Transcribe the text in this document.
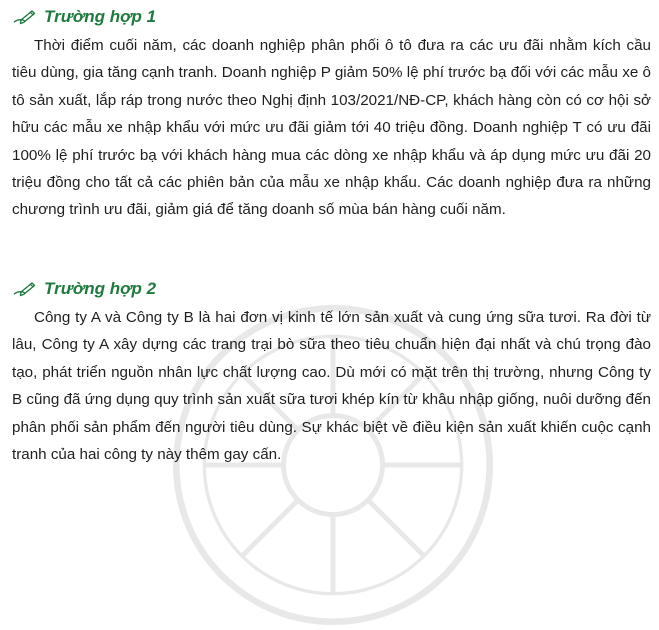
Trường hợp 1

Thời điểm cuối năm, các doanh nghiệp phân phối ô tô đưa ra các ưu đãi nhằm kích cầu tiêu dùng, gia tăng cạnh tranh. Doanh nghiệp P giảm 50% lệ phí trước bạ đối với các mẫu xe ô tô sản xuất, lắp ráp trong nước theo Nghị định 103/2021/NĐ-CP, khách hàng còn có cơ hội sở hữu các mẫu xe nhập khẩu với mức ưu đãi giảm tới 40 triệu đồng. Doanh nghiệp T có ưu đãi 100% lệ phí trước bạ với khách hàng mua các dòng xe nhập khẩu và áp dụng mức ưu đãi 20 triệu đồng cho tất cả các phiên bản của mẫu xe nhập khẩu. Các doanh nghiệp đưa ra những chương trình ưu đãi, giảm giá để tăng doanh số mùa bán hàng cuối năm.

Trường hợp 2

Công ty A và Công ty B là hai đơn vị kinh tế lớn sản xuất và cung ứng sữa tươi. Ra đời từ lâu, Công ty A xây dựng các trang trại bò sữa theo tiêu chuẩn hiện đại nhất và chú trọng đào tạo, phát triển nguồn nhân lực chất lượng cao. Dù mới có mặt trên thị trường, nhưng Công ty B cũng đã ứng dụng quy trình sản xuất sữa tươi khép kín từ khâu nhập giống, nuôi dưỡng đến phân phối sản phẩm đến người tiêu dùng. Sự khác biệt về điều kiện sản xuất khiến cuộc cạnh tranh của hai công ty này thêm gay cấn.
